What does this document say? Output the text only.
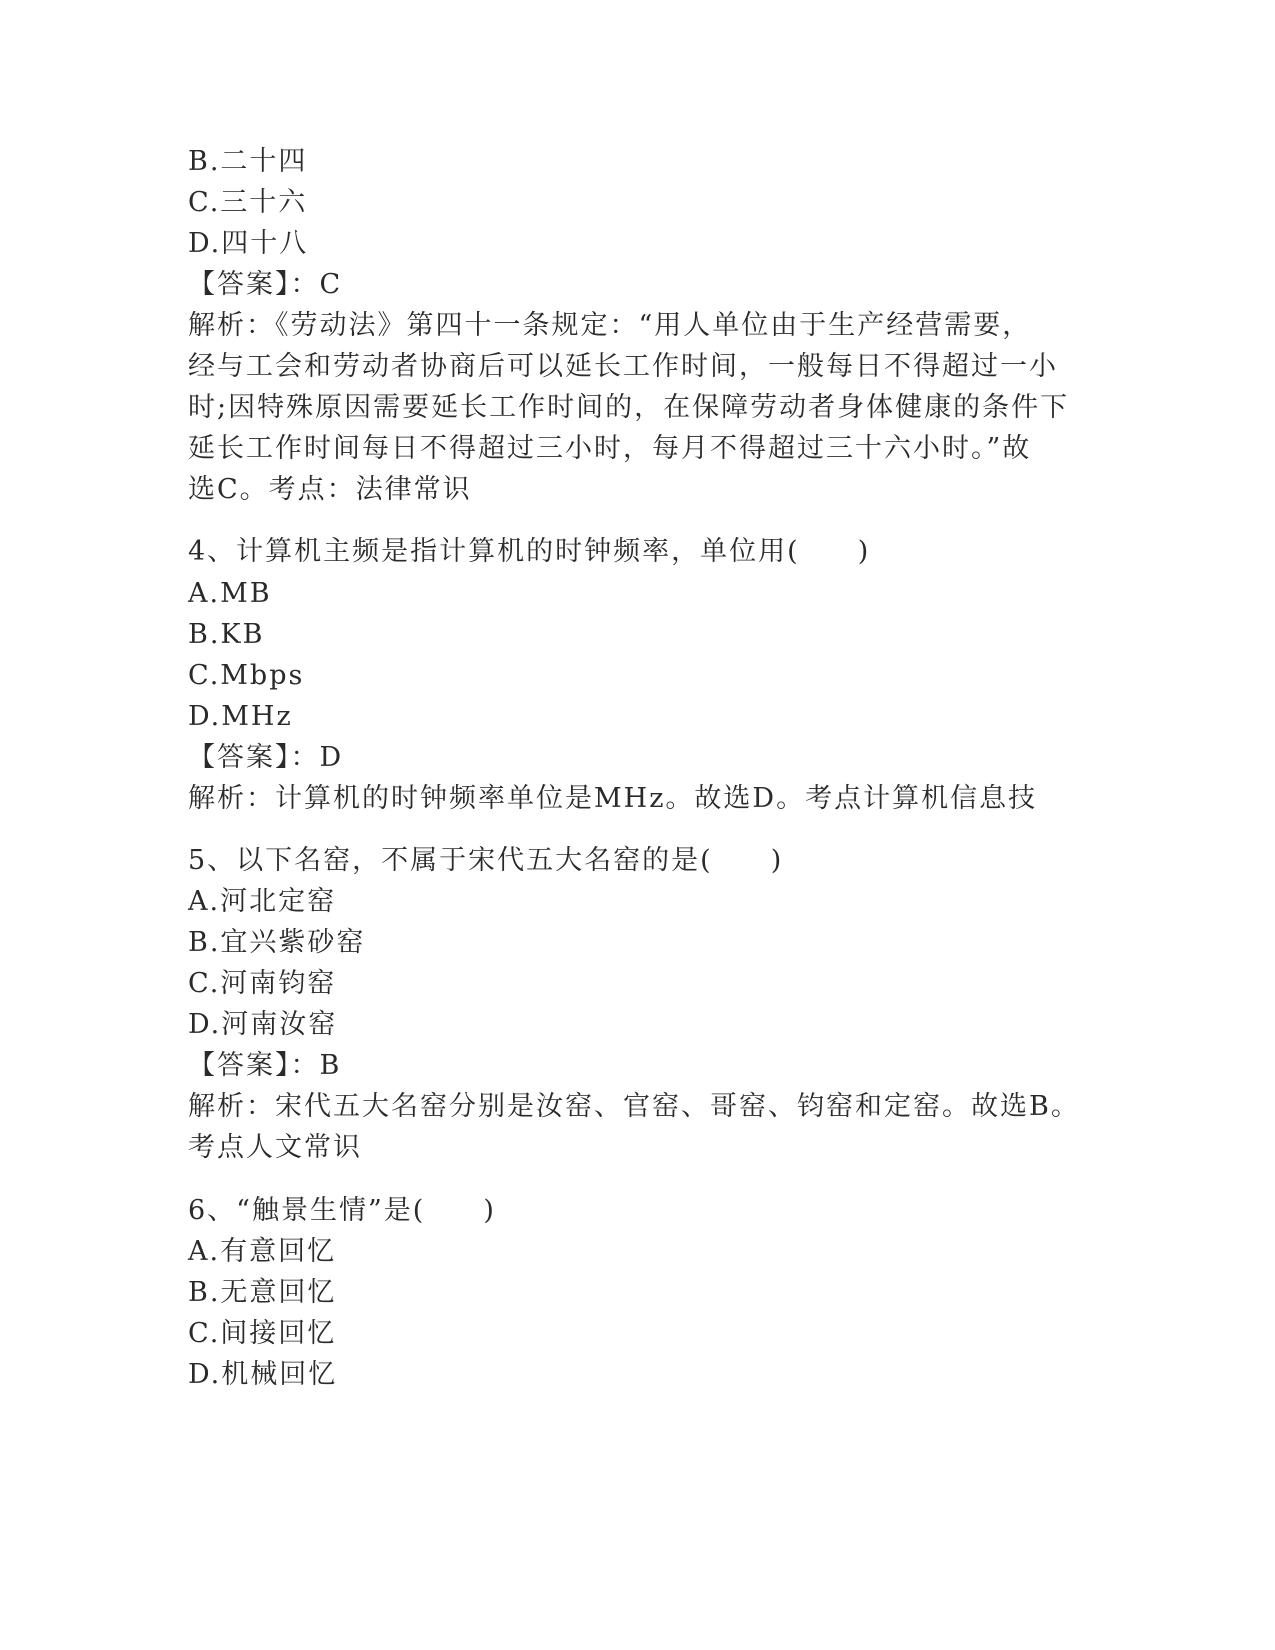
B.二十四
C.三十六
D.四十八
【答案】：C
解析：《劳动法》第四十一条规定：“用人单位由于生产经营需要，
经与工会和劳动者协商后可以延长工作时间，一般每日不得超过一小
时;因特殊原因需要延长工作时间的，在保障劳动者身体健康的条件下
延长工作时间每日不得超过三小时，每月不得超过三十六小时。”故
选C。考点：法律常识
4、计算机主频是指计算机的时钟频率，单位用(　　)
A.MB
B.KB
C.Mbps
D.MHz
【答案】：D
解析：计算机的时钟频率单位是MHz。故选D。考点计算机信息技
5、以下名窑，不属于宋代五大名窑的是(　　)
A.河北定窑
B.宜兴紫砂窑
C.河南钧窑
D.河南汝窑
【答案】：B
解析：宋代五大名窑分别是汝窑、官窑、哥窑、钧窑和定窑。故选B。
考点人文常识
6、“触景生情”是(　　)
A.有意回忆
B.无意回忆
C.间接回忆
D.机械回忆
